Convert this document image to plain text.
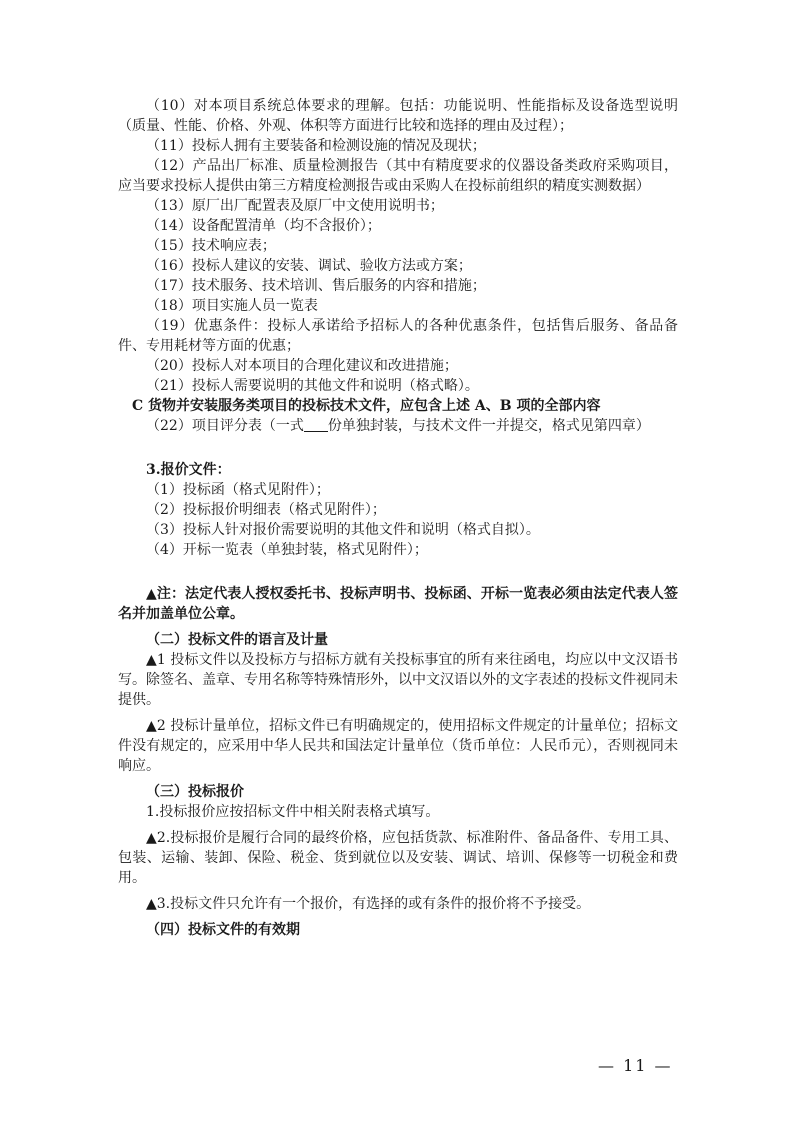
（10）对本项目系统总体要求的理解。包括：功能说明、性能指标及设备选型说明（质量、性能、价格、外观、体积等方面进行比较和选择的理由及过程）；

（11）投标人拥有主要装备和检测设施的情况及现状；

（12）产品出厂标准、质量检测报告（其中有精度要求的仪器设备类政府采购项目，应当要求投标人提供由第三方精度检测报告或由采购人在投标前组织的精度实测数据）

（13）原厂出厂配置表及原厂中文使用说明书；

（14）设备配置清单（均不含报价）；

（15）技术响应表；

（16）投标人建议的安装、调试、验收方法或方案；

（17）技术服务、技术培训、售后服务的内容和措施；

（18）项目实施人员一览表

（19）优惠条件：投标人承诺给予招标人的各种优惠条件，包括售后服务、备品备件、专用耗材等方面的优惠；

（20）投标人对本项目的合理化建议和改进措施；

（21）投标人需要说明的其他文件和说明（格式略）。

C 货物并安装服务类项目的投标技术文件，应包含上述 A、B 项的全部内容

（22）项目评分表（一式 份单独封装，与技术文件一并提交，格式见第四章）

3.报价文件：

（1）投标函（格式见附件）；

（2）投标报价明细表（格式见附件）；

（3）投标人针对报价需要说明的其他文件和说明（格式自拟）。

（4）开标一览表（单独封装，格式见附件）；

▲注：法定代表人授权委托书、投标声明书、投标函、开标一览表必须由法定代表人签名并加盖单位公章。

（二）投标文件的语言及计量

▲1 投标文件以及投标方与招标方就有关投标事宜的所有来往函电，均应以中文汉语书写。除签名、盖章、专用名称等特殊情形外，以中文汉语以外的文字表述的投标文件视同未提供。

▲2 投标计量单位，招标文件已有明确规定的，使用招标文件规定的计量单位；招标文件没有规定的，应采用中华人民共和国法定计量单位（货币单位：人民币元），否则视同未响应。

（三）投标报价

1.投标报价应按招标文件中相关附表格式填写。

▲2.投标报价是履行合同的最终价格，应包括货款、标准附件、备品备件、专用工具、包装、运输、装卸、保险、税金、货到就位以及安装、调试、培训、保修等一切税金和费用。

▲3.投标文件只允许有一个报价，有选择的或有条件的报价将不予接受。

（四）投标文件的有效期

— 11 —
